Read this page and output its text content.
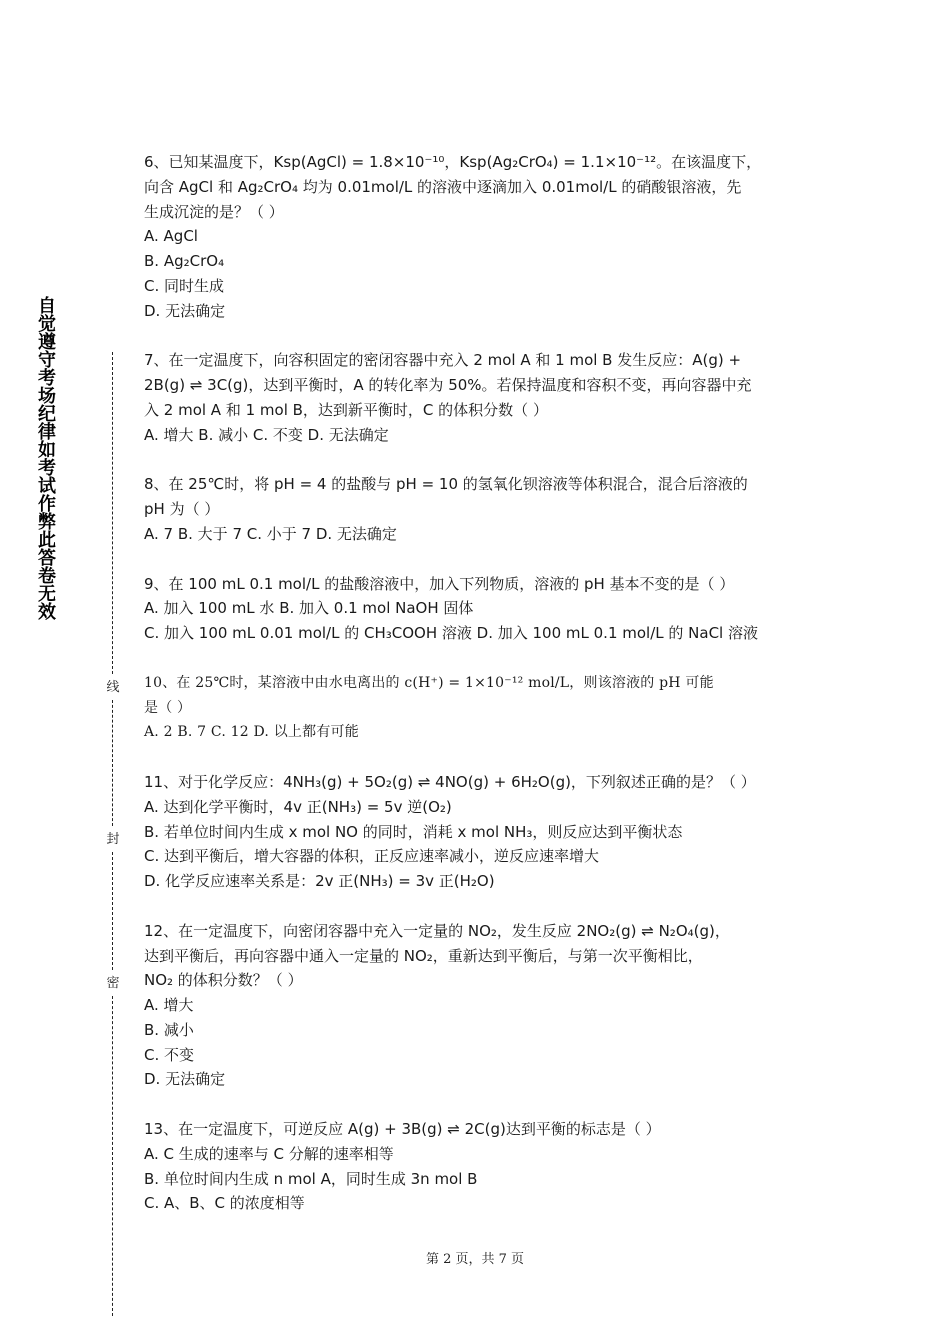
自觉遵守考场纪律如考试作弊此答卷无效
线
封
密

6、已知某温度下，Ksp(AgCl) = 1.8×10⁻¹⁰，Ksp(Ag₂CrO₄) = 1.1×10⁻¹²。在该温度下，

向含 AgCl 和 Ag₂CrO₄ 均为 0.01mol/L 的溶液中逐滴加入 0.01mol/L 的硝酸银溶液，先

生成沉淀的是？（ ）

A. AgCl

B. Ag₂CrO₄

C. 同时生成

D. 无法确定

7、在一定温度下，向容积固定的密闭容器中充入 2 mol A 和 1 mol B 发生反应：A(g) +

2B(g) ⇌ 3C(g)，达到平衡时，A 的转化率为 50%。若保持温度和容积不变，再向容器中充

入 2 mol A 和 1 mol B，达到新平衡时，C 的体积分数（ ）

A. 增大 B. 减小 C. 不变 D. 无法确定

8、在 25℃时，将 pH = 4 的盐酸与 pH = 10 的氢氧化钡溶液等体积混合，混合后溶液的

pH 为（ ）

A. 7 B. 大于 7 C. 小于 7 D. 无法确定

9、在 100 mL 0.1 mol/L 的盐酸溶液中，加入下列物质，溶液的 pH 基本不变的是（ ）

A. 加入 100 mL 水 B. 加入 0.1 mol NaOH 固体

C. 加入 100 mL 0.01 mol/L 的 CH₃COOH 溶液 D. 加入 100 mL 0.1 mol/L 的 NaCl 溶液

10、在 25℃时，某溶液中由水电离出的 c(H⁺) = 1×10⁻¹² mol/L，则该溶液的 pH 可能

是（ ）

A. 2 B. 7 C. 12 D. 以上都有可能

11、对于化学反应：4NH₃(g) + 5O₂(g) ⇌ 4NO(g) + 6H₂O(g)，下列叙述正确的是？（ ）

A. 达到化学平衡时，4v 正(NH₃) = 5v 逆(O₂)

B. 若单位时间内生成 x mol NO 的同时，消耗 x mol NH₃，则反应达到平衡状态

C. 达到平衡后，增大容器的体积，正反应速率减小，逆反应速率增大

D. 化学反应速率关系是：2v 正(NH₃) = 3v 正(H₂O)

12、在一定温度下，向密闭容器中充入一定量的 NO₂，发生反应 2NO₂(g) ⇌ N₂O₄(g)，

达到平衡后，再向容器中通入一定量的 NO₂，重新达到平衡后，与第一次平衡相比，

NO₂ 的体积分数？（ ）

A. 增大

B. 减小

C. 不变

D. 无法确定

13、在一定温度下，可逆反应 A(g) + 3B(g) ⇌ 2C(g)达到平衡的标志是（ ）

A. C 生成的速率与 C 分解的速率相等

B. 单位时间内生成 n mol A，同时生成 3n mol B

C. A、B、C 的浓度相等

第 2 页，共 7 页
